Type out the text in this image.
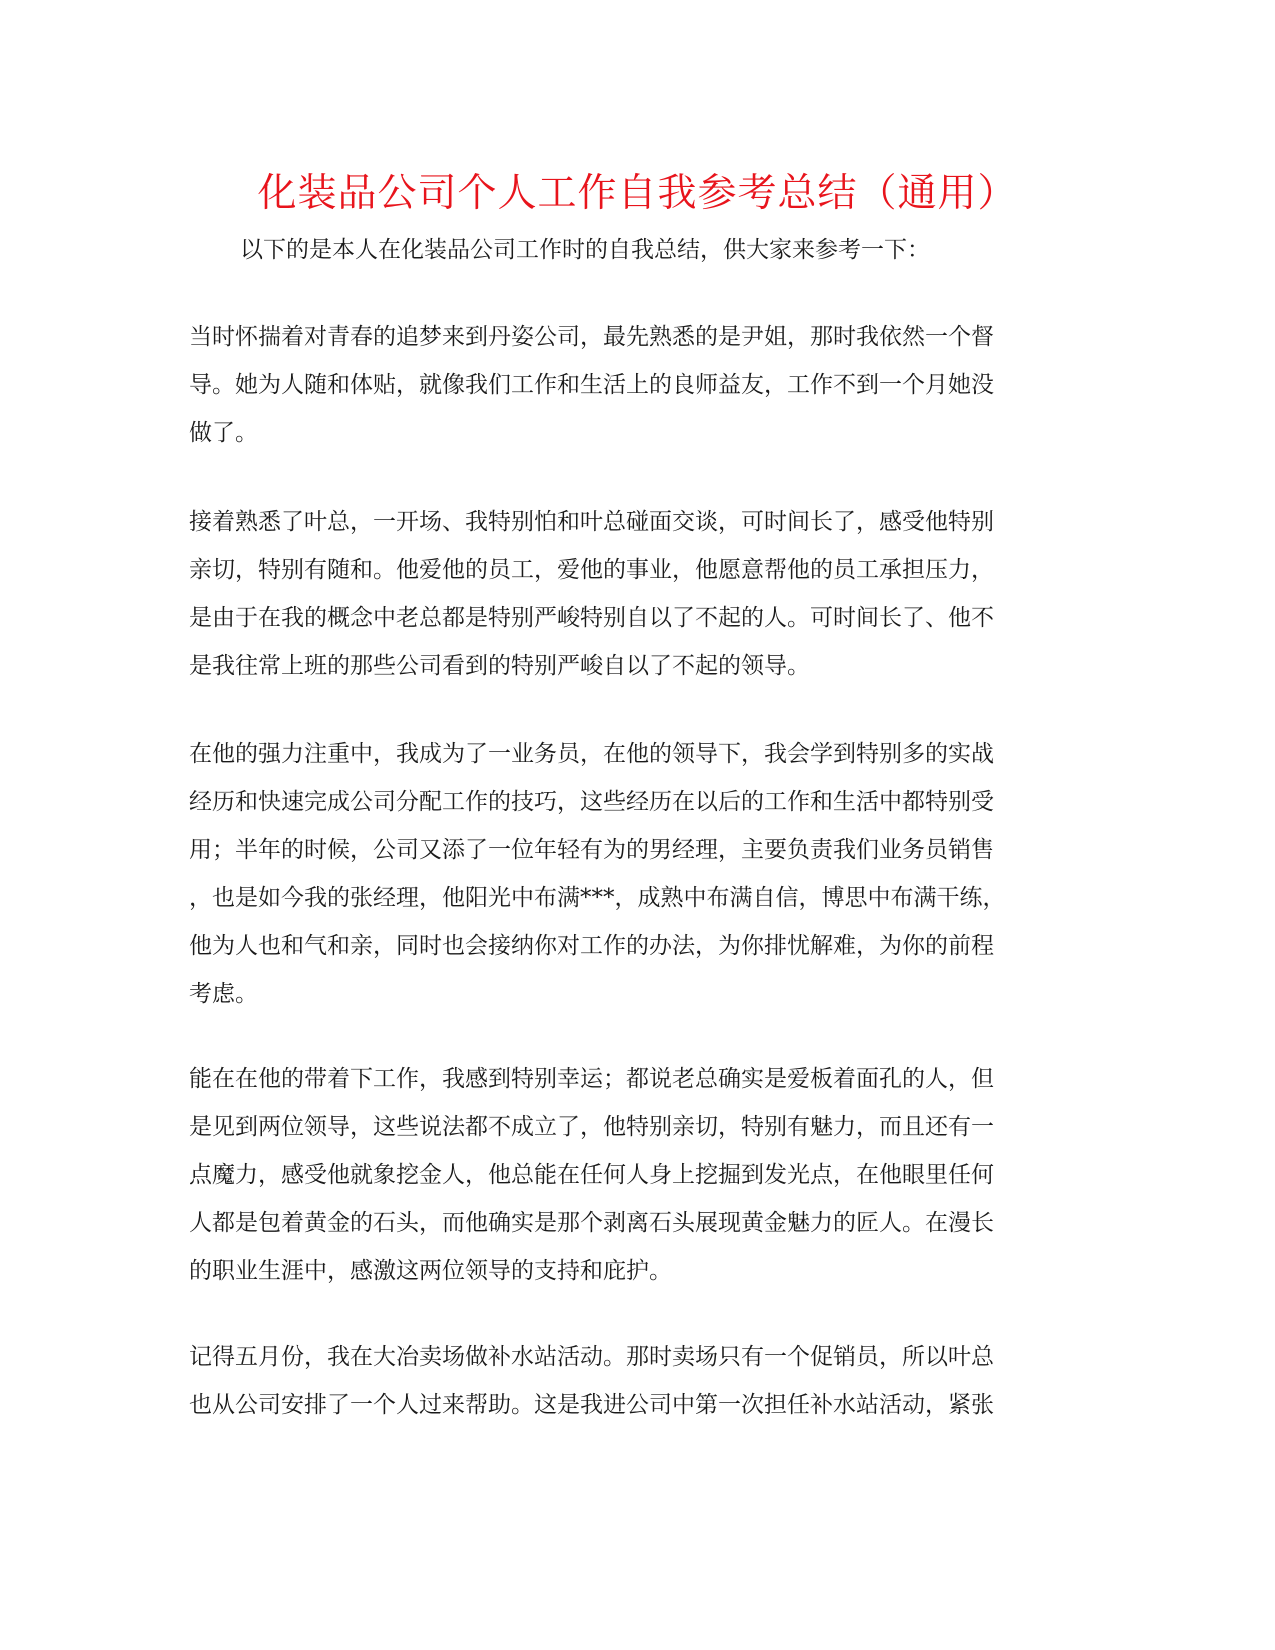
化装品公司个人工作自我参考总结（通用）

以下的是本人在化装品公司工作时的自我总结，供大家来参考一下：

当时怀揣着对青春的追梦来到丹姿公司，最先熟悉的是尹姐，那时我依然一个督
导。她为人随和体贴，就像我们工作和生活上的良师益友，工作不到一个月她没
做了。
接着熟悉了叶总，一开场、我特别怕和叶总碰面交谈，可时间长了，感受他特别
亲切，特别有随和。他爱他的员工，爱他的事业，他愿意帮他的员工承担压力，
是由于在我的概念中老总都是特别严峻特别自以了不起的人。可时间长了、他不
是我往常上班的那些公司看到的特别严峻自以了不起的领导。
在他的强力注重中，我成为了一业务员，在他的领导下，我会学到特别多的实战
经历和快速完成公司分配工作的技巧，这些经历在以后的工作和生活中都特别受
用；半年的时候，公司又添了一位年轻有为的男经理，主要负责我们业务员销售
，也是如今我的张经理，他阳光中布满***，成熟中布满自信，博思中布满干练，
他为人也和气和亲，同时也会接纳你对工作的办法，为你排忧解难，为你的前程
考虑。
能在在他的带着下工作，我感到特别幸运；都说老总确实是爱板着面孔的人，但
是见到两位领导，这些说法都不成立了，他特别亲切，特别有魅力，而且还有一
点魔力，感受他就象挖金人，他总能在任何人身上挖掘到发光点，在他眼里任何
人都是包着黄金的石头，而他确实是那个剥离石头展现黄金魅力的匠人。在漫长
的职业生涯中，感激这两位领导的支持和庇护。
记得五月份，我在大冶卖场做补水站活动。那时卖场只有一个促销员，所以叶总
也从公司安排了一个人过来帮助。这是我进公司中第一次担任补水站活动，紧张
